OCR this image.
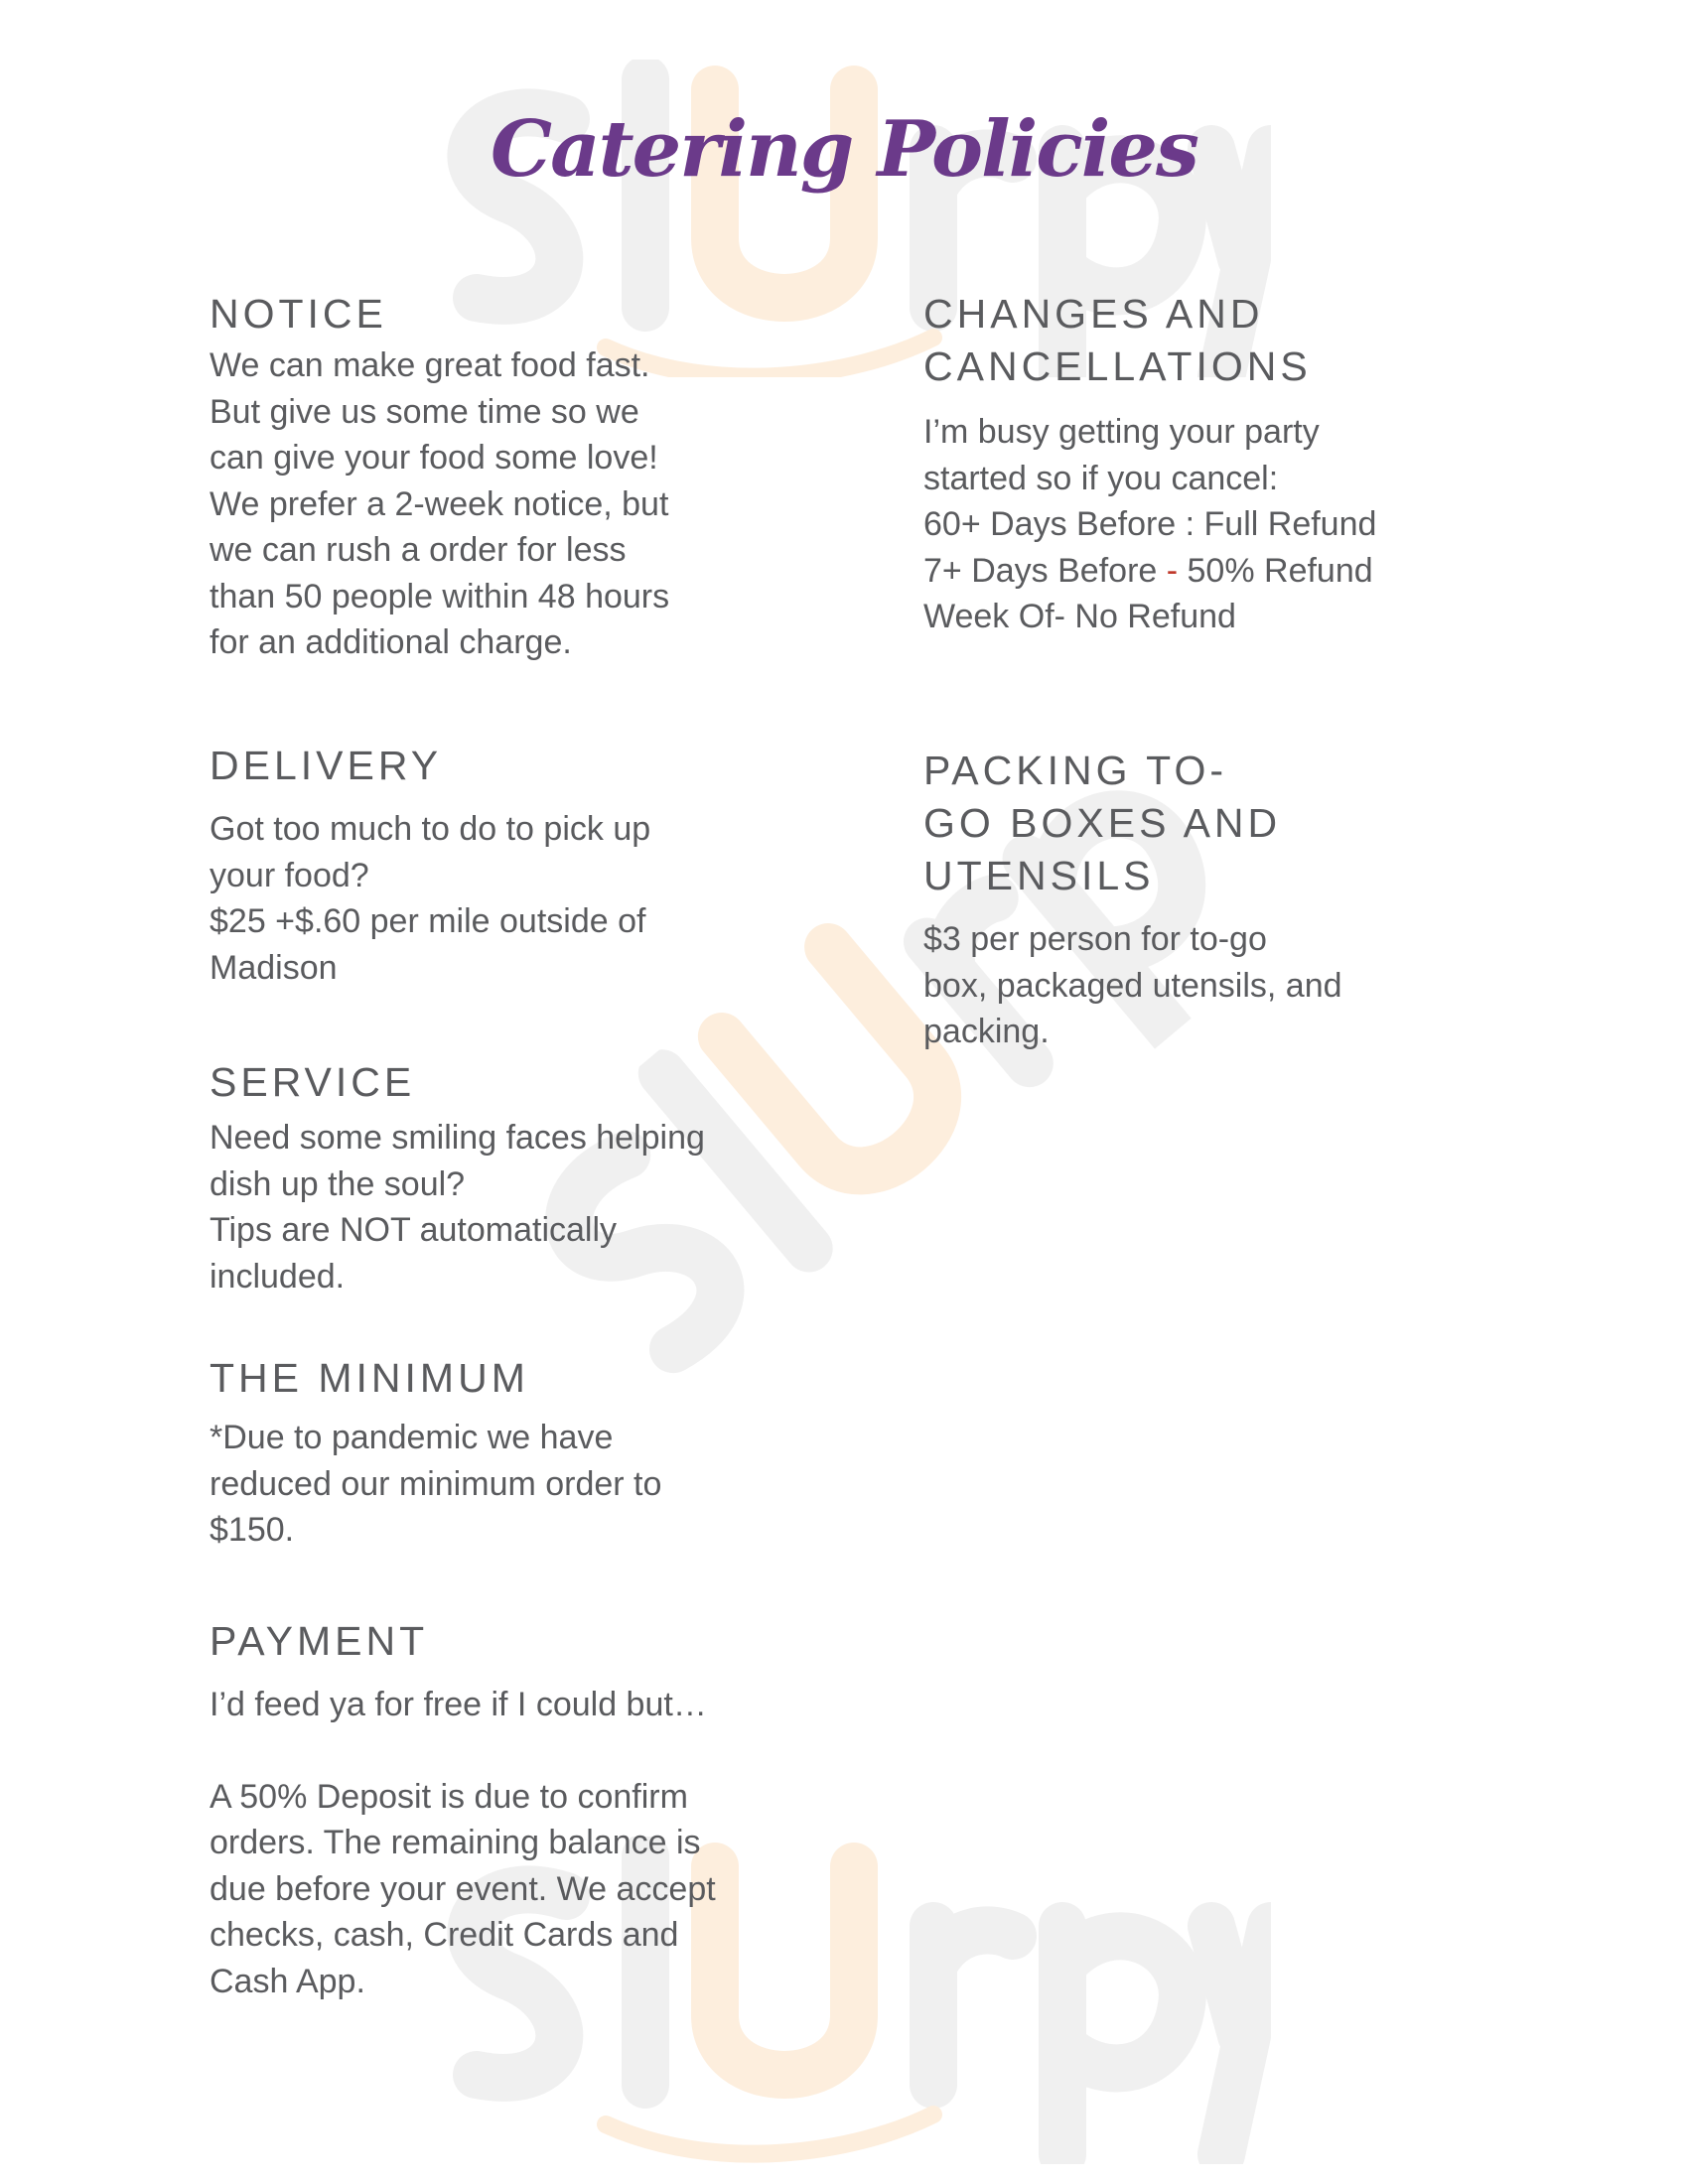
Catering Policies
NOTICE

We can make great food fast.
But give us some time so we
can give your food some love!
We prefer a 2-week notice, but
we can rush a order for less
than 50 people within 48 hours
for an additional charge.

DELIVERY

Got too much to do to pick up
your food?
$25 +$.60 per mile outside of
Madison

SERVICE

Need some smiling faces helping
dish up the soul?
Tips are NOT automatically
included.

THE MINIMUM

*Due to pandemic we have
reduced our minimum order to
$150.

PAYMENT

I’d feed ya for free if I could but…

A 50% Deposit is due to confirm
orders. The remaining balance is
due before your event. We accept
checks, cash, Credit Cards and
Cash App.

CHANGES AND
CANCELLATIONS

I’m busy getting your party
started so if you cancel:

60+ Days Before : Full Refund

7+ Days Before - 50% Refund

Week Of- No Refund

PACKING TO-
GO BOXES AND
UTENSILS

$3 per person for to-go
box, packaged utensils, and
packing.
